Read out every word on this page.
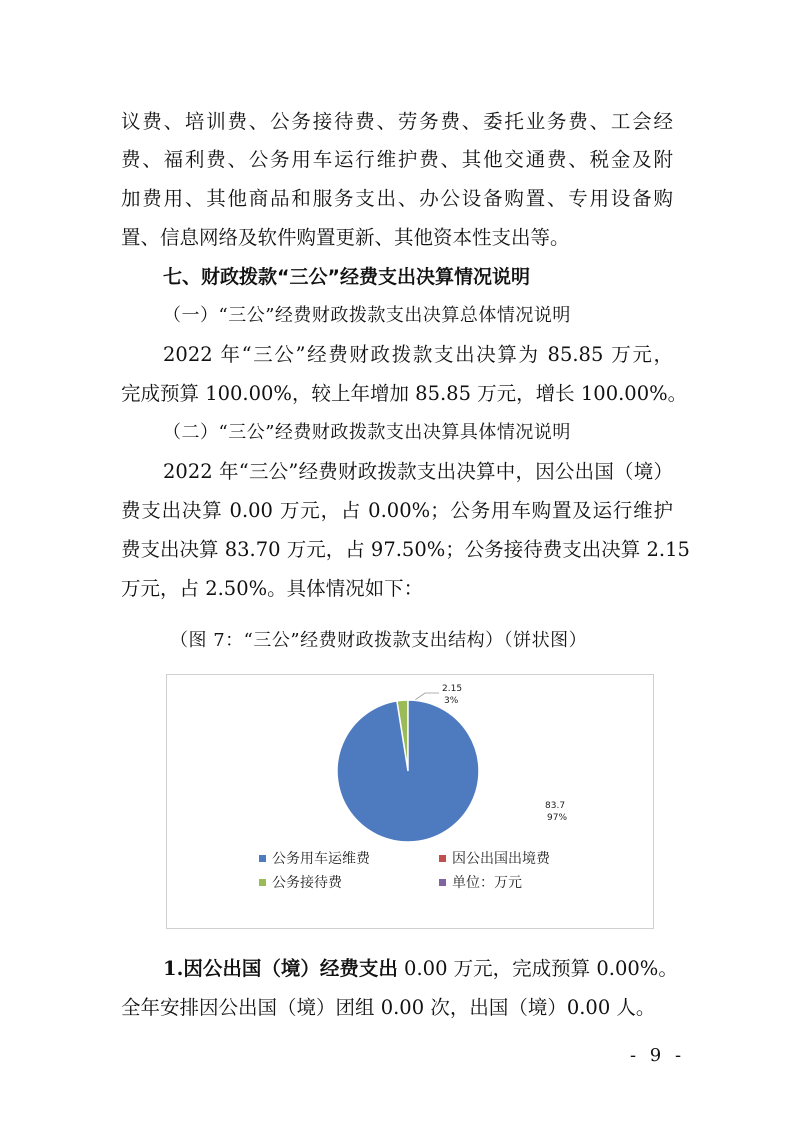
议费、培训费、公务接待费、劳务费、委托业务费、工会经
费、福利费、公务用车运行维护费、其他交通费、税金及附
加费用、其他商品和服务支出、办公设备购置、专用设备购
置、信息网络及软件购置更新、其他资本性支出等。
七、财政拨款“三公”经费支出决算情况说明
（一）“三公”经费财政拨款支出决算总体情况说明
2022 年“三公”经费财政拨款支出决算为 85.85 万元，
完成预算 100.00%，较上年增加 85.85 万元，增长 100.00%。
（二）“三公”经费财政拨款支出决算具体情况说明
2022 年“三公”经费财政拨款支出决算中，因公出国（境）
费支出决算 0.00 万元，占 0.00%；公务用车购置及运行维护
费支出决算 83.70 万元，占 97.50%；公务接待费支出决算 2.15
万元，占 2.50%。具体情况如下：
（图 7：“三公”经费财政拨款支出结构）（饼状图）
2.15
3%
83.7
97%
公务用车运维费	因公出国出境费
公务接待费	单位：万元
1.因公出国（境）经费支出 0.00 万元，完成预算 0.00%。
全年安排因公出国（境）团组 0.00 次，出国（境）0.00 人。
- 9 -
